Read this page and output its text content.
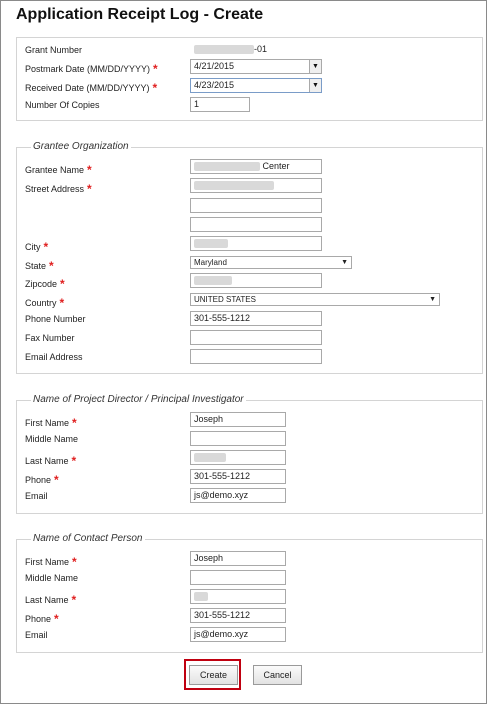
Application Receipt Log - Create
Grant Number	-01
Postmark Date (MM/DD/YYYY) *	4/21/2015	▼
Received Date (MM/DD/YYYY) *	4/23/2015	▼
Number Of Copies	1
Grantee Organization
Grantee Name *	Center
Street Address *
City *
State *	Maryland	▼
Zipcode *
Country *	UNITED STATES	▼
Phone Number	301-555-1212
Fax Number
Email Address
Name of Project Director / Principal Investigator
First Name *	Joseph
Middle Name
Last Name *
Phone *	301-555-1212
Email	js@demo.xyz
Name of Contact Person
First Name *	Joseph
Middle Name
Last Name *
Phone *	301-555-1212
Email	js@demo.xyz
Create	Cancel
